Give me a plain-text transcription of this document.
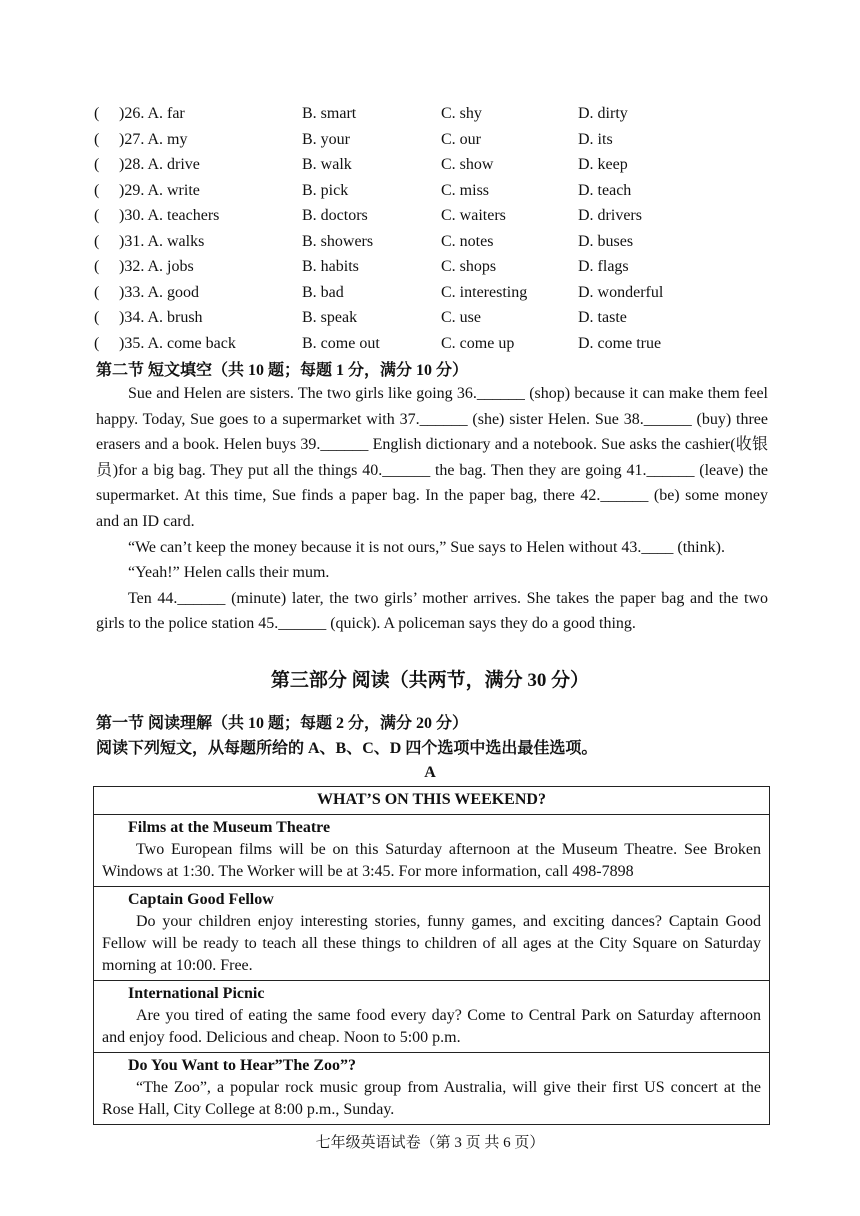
( )26. A. far	B. smart	C. shy	D. dirty
( )27. A. my	B. your	C. our	D. its
( )28. A. drive	B. walk	C. show	D. keep
( )29. A. write	B. pick	C. miss	D. teach
( )30. A. teachers	B. doctors	C. waiters	D. drivers
( )31. A. walks	B. showers	C. notes	D. buses
( )32. A. jobs	B. habits	C. shops	D. flags
( )33. A. good	B. bad	C. interesting	D. wonderful
( )34. A. brush	B. speak	C. use	D. taste
( )35. A. come back	B. come out	C. come up	D. come true
第二节 短文填空（共 10 题；每题 1 分，满分 10 分）

Sue and Helen are sisters. The two girls like going 36.______ (shop) because it can make them feel happy. Today, Sue goes to a supermarket with 37.______ (she) sister Helen. Sue 38.______ (buy) three erasers and a book. Helen buys 39.______ English dictionary and a notebook. Sue asks the cashier(收银员)for a big bag. They put all the things 40.______ the bag. Then they are going 41.______ (leave) the supermarket. At this time, Sue finds a paper bag. In the paper bag, there 42.______ (be) some money and an ID card.

“We can’t keep the money because it is not ours,” Sue says to Helen without 43.____ (think).

“Yeah!” Helen calls their mum.

Ten 44.______ (minute) later, the two girls’ mother arrives. She takes the paper bag and the two girls to the police station 45.______ (quick). A policeman says they do a good thing.

第三部分 阅读（共两节，满分 30 分）
第一节 阅读理解（共 10 题；每题 2 分，满分 20 分）
阅读下列短文，从每题所给的 A、B、C、D 四个选项中选出最佳选项。
A
WHAT’S ON THIS WEEKEND?

Films at the Museum Theatre
Two European films will be on this Saturday afternoon at the Museum Theatre. See Broken Windows at 1:30. The Worker will be at 3:45. For more information, call 498-7898

Captain Good Fellow
Do your children enjoy interesting stories, funny games, and exciting dances? Captain Good Fellow will be ready to teach all these things to children of all ages at the City Square on Saturday morning at 10:00. Free.

International Picnic
Are you tired of eating the same food every day? Come to Central Park on Saturday afternoon and enjoy food. Delicious and cheap. Noon to 5:00 p.m.

Do You Want to Hear”The Zoo”?
“The Zoo”, a popular rock music group from Australia, will give their first US concert at the Rose Hall, City College at 8:00 p.m., Sunday.
七年级英语试卷（第 3 页 共 6 页）
